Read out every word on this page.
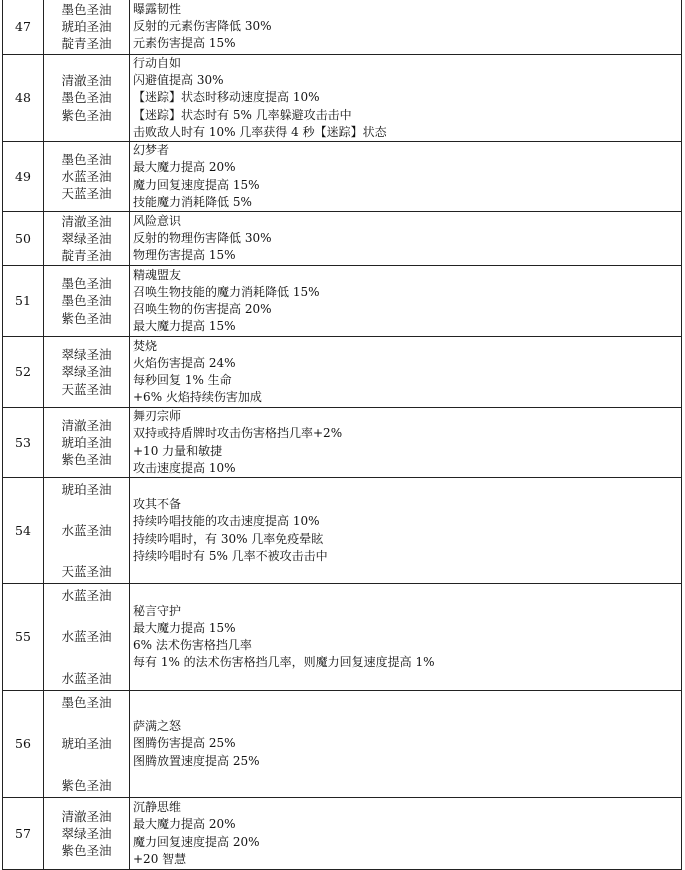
47	墨色圣油
琥珀圣油
靛青圣油	曝露韧性
反射的元素伤害降低 30%
元素伤害提高 15%

48	清澈圣油
墨色圣油
紫色圣油	行动自如
闪避值提高 30%
【迷踪】状态时移动速度提高 10%
【迷踪】状态时有 5% 几率躲避攻击击中
击败敌人时有 10% 几率获得 4 秒【迷踪】状态

49	墨色圣油
水蓝圣油
天蓝圣油	幻梦者
最大魔力提高 20%
魔力回复速度提高 15%
技能魔力消耗降低 5%

50	清澈圣油
翠绿圣油
靛青圣油	风险意识
反射的物理伤害降低 30%
物理伤害提高 15%

51	墨色圣油
墨色圣油
紫色圣油	精魂盟友
召唤生物技能的魔力消耗降低 15%
召唤生物的伤害提高 20%
最大魔力提高 15%

52	翠绿圣油
翠绿圣油
天蓝圣油	焚烧
火焰伤害提高 24%
每秒回复 1% 生命
+6% 火焰持续伤害加成

53	清澈圣油
琥珀圣油
紫色圣油	舞刃宗师
双持或持盾牌时攻击伤害格挡几率+2%
+10 力量和敏捷
攻击速度提高 10%

54	琥珀圣油
水蓝圣油
天蓝圣油	攻其不备
持续吟唱技能的攻击速度提高 10%
持续吟唱时，有 30% 几率免疫晕眩
持续吟唱时有 5% 几率不被攻击击中

55	水蓝圣油
水蓝圣油
水蓝圣油	秘言守护
最大魔力提高 15%
6% 法术伤害格挡几率
每有 1% 的法术伤害格挡几率，则魔力回复速度提高 1%

56	墨色圣油
琥珀圣油
紫色圣油	萨满之怒
图腾伤害提高 25%
图腾放置速度提高 25%

57	清澈圣油
翠绿圣油
紫色圣油	沉静思维
最大魔力提高 20%
魔力回复速度提高 20%
+20 智慧
